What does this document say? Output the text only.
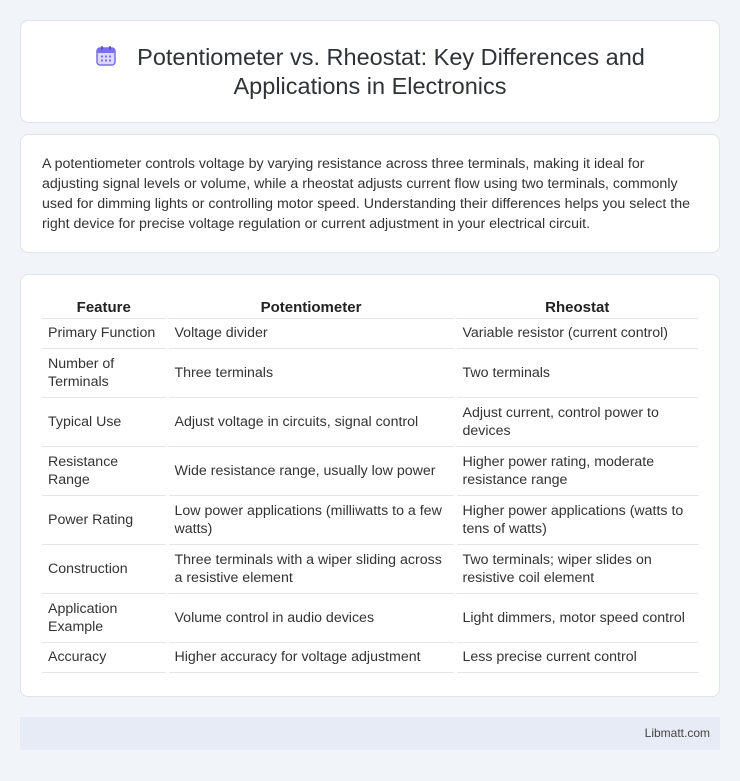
Potentiometer vs. Rheostat: Key Differences and Applications in Electronics

A potentiometer controls voltage by varying resistance across three terminals, making it ideal for adjusting signal levels or volume, while a rheostat adjusts current flow using two terminals, commonly used for dimming lights or controlling motor speed. Understanding their differences helps you select the right device for precise voltage regulation or current adjustment in your electrical circuit.

Feature	Potentiometer	Rheostat
Primary Function	Voltage divider	Variable resistor (current control)
Number of Terminals	Three terminals	Two terminals
Typical Use	Adjust voltage in circuits, signal control	Adjust current, control power to devices
Resistance Range	Wide resistance range, usually low power	Higher power rating, moderate resistance range
Power Rating	Low power applications (milliwatts to a few watts)	Higher power applications (watts to tens of watts)
Construction	Three terminals with a wiper sliding across a resistive element	Two terminals; wiper slides on resistive coil element
Application Example	Volume control in audio devices	Light dimmers, motor speed control
Accuracy	Higher accuracy for voltage adjustment	Less precise current control
Libmatt.com
